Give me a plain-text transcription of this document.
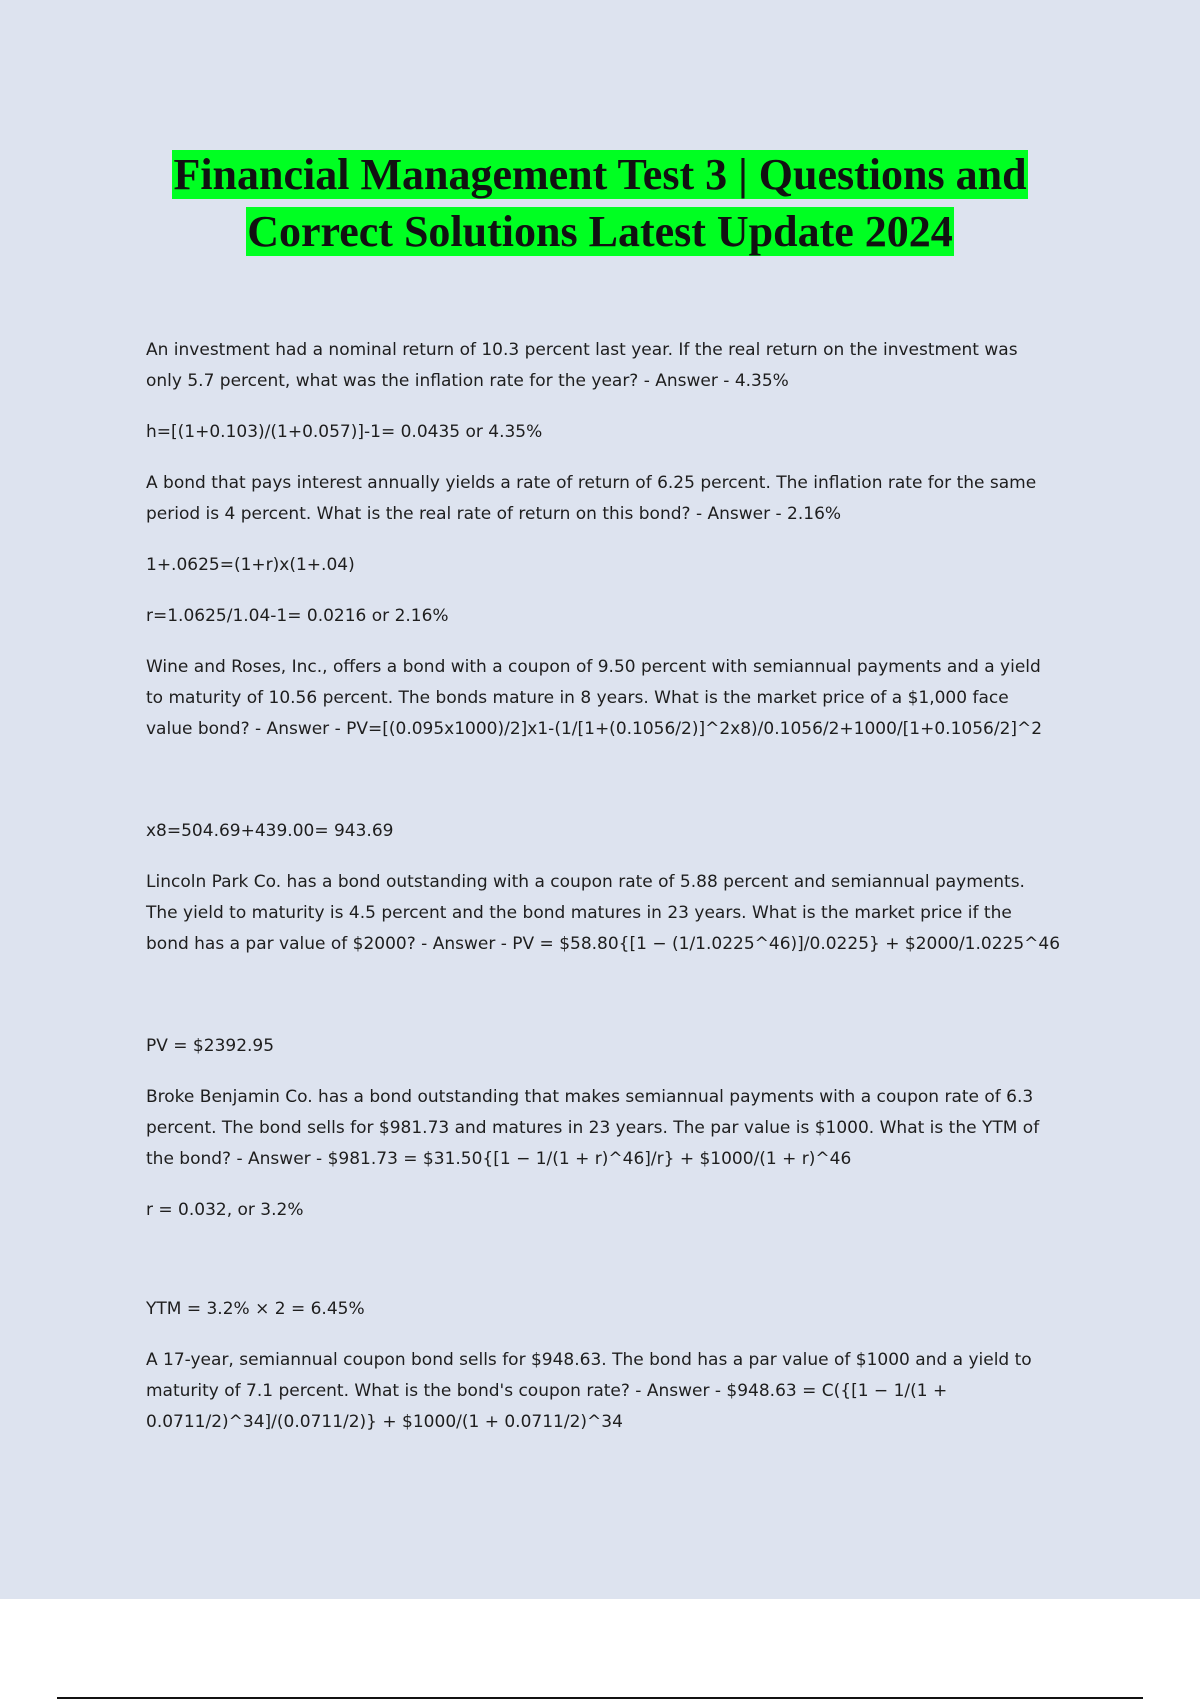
Financial Management Test 3 | Questions and
Correct Solutions Latest Update 2024

An investment had a nominal return of 10.3 percent last year. If the real return on the investment was
only 5.7 percent, what was the inflation rate for the year? - Answer - 4.35%

h=[(1+0.103)/(1+0.057)]-1= 0.0435 or 4.35%

A bond that pays interest annually yields a rate of return of 6.25 percent. The inflation rate for the same
period is 4 percent. What is the real rate of return on this bond? - Answer - 2.16%

1+.0625=(1+r)x(1+.04)

r=1.0625/1.04-1= 0.0216 or 2.16%

Wine and Roses, Inc., offers a bond with a coupon of 9.50 percent with semiannual payments and a yield
to maturity of 10.56 percent. The bonds mature in 8 years. What is the market price of a $1,000 face
value bond? - Answer - PV=[(0.095x1000)/2]x1-(1/[1+(0.1056/2)]^2x8)/0.1056/2+1000/[1+0.1056/2]^2

x8=504.69+439.00= 943.69

Lincoln Park Co. has a bond outstanding with a coupon rate of 5.88 percent and semiannual payments.
The yield to maturity is 4.5 percent and the bond matures in 23 years. What is the market price if the
bond has a par value of $2000? - Answer - PV = $58.80{[1 − (1/1.0225^46)]/0.0225} + $2000/1.0225^46

PV = $2392.95

Broke Benjamin Co. has a bond outstanding that makes semiannual payments with a coupon rate of 6.3
percent. The bond sells for $981.73 and matures in 23 years. The par value is $1000. What is the YTM of
the bond? - Answer - $981.73 = $31.50{[1 − 1/(1 + r)^46]/r} + $1000/(1 + r)^46

r = 0.032, or 3.2%

YTM = 3.2% × 2 = 6.45%

A 17-year, semiannual coupon bond sells for $948.63. The bond has a par value of $1000 and a yield to
maturity of 7.1 percent. What is the bond's coupon rate? - Answer - $948.63 = C({[1 − 1/(1 +
0.0711/2)^34]/(0.0711/2)} + $1000/(1 + 0.0711/2)^34
